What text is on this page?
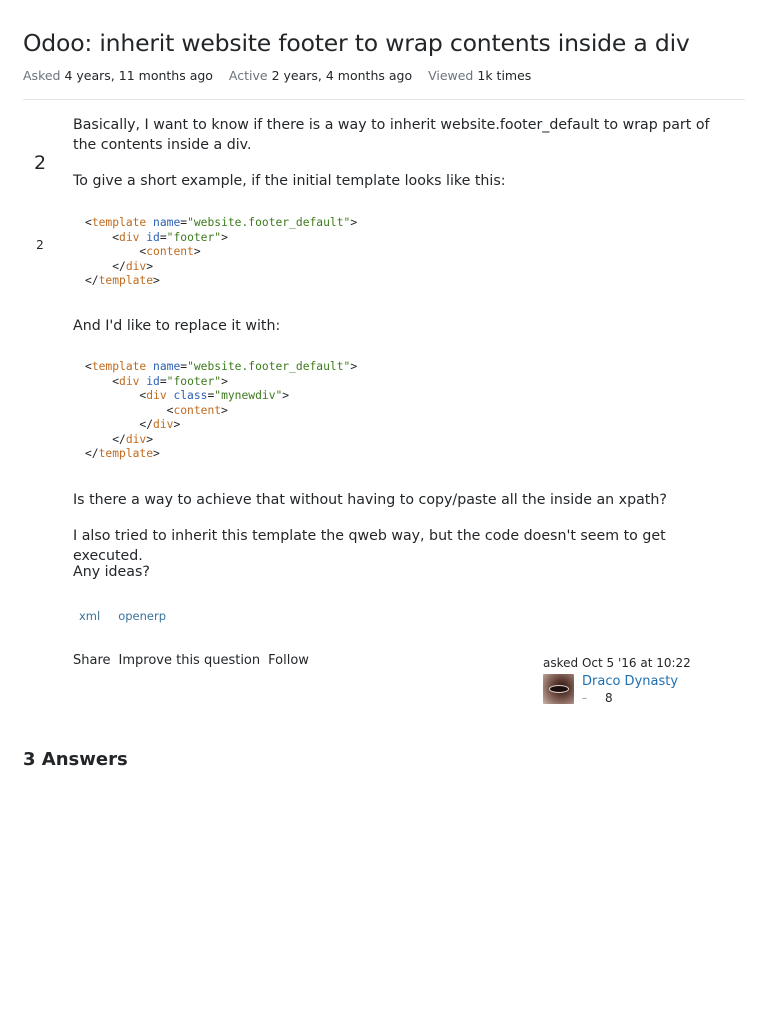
Odoo: inherit website footer to wrap contents inside a div
Asked 4 years, 11 months ago Active 2 years, 4 months ago Viewed 1k times
2
2

Basically, I want to know if there is a way to inherit website.footer_default to wrap part of the contents inside a div.

To give a short example, if the initial template looks like this:

<template name="website.footer_default">
<div id="footer">
<content>
</div>
</template>

And I'd like to replace it with:

<template name="website.footer_default">
<div id="footer">
<div class="mynewdiv">
<content>
</div>
</div>
</template>

Is there a way to achieve that without having to copy/paste all the inside an xpath?

I also tried to inherit this template the qweb way, but the code doesn't seem to get executed.

Any ideas?

xml	openerp
Share Improve this question Follow	asked Oct 5 '16 at 10:22
Draco Dynasty
– 8
3 Answers
